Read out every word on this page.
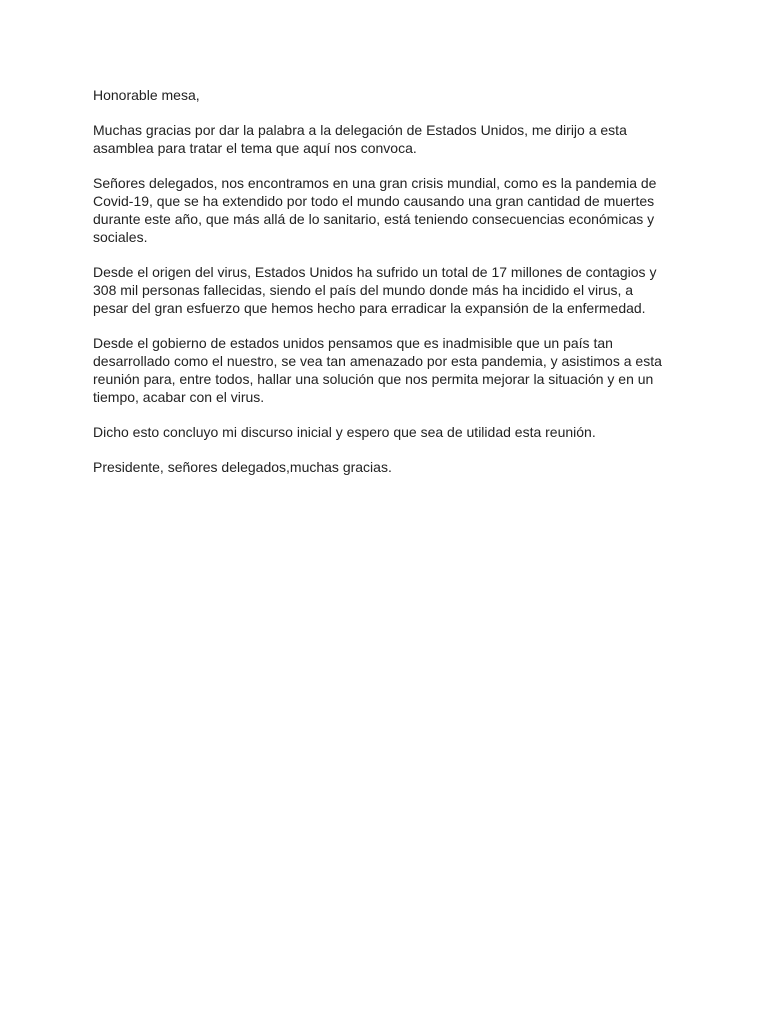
Honorable mesa,

Muchas gracias por dar la palabra a la delegación de Estados Unidos, me dirijo a esta
asamblea para tratar el tema que aquí nos convoca.

Señores delegados, nos encontramos en una gran crisis mundial, como es la pandemia de
Covid-19, que se ha extendido por todo el mundo causando una gran cantidad de muertes
durante este año, que más allá de lo sanitario, está teniendo consecuencias económicas y
sociales.

Desde el origen del virus, Estados Unidos ha sufrido un total de 17 millones de contagios y
308 mil personas fallecidas, siendo el país del mundo donde más ha incidido el virus, a
pesar del gran esfuerzo que hemos hecho para erradicar la expansión de la enfermedad.

Desde el gobierno de estados unidos pensamos que es inadmisible que un país tan
desarrollado como el nuestro, se vea tan amenazado por esta pandemia, y asistimos a esta
reunión para, entre todos, hallar una solución que nos permita mejorar la situación y en un
tiempo, acabar con el virus.

Dicho esto concluyo mi discurso inicial y espero que sea de utilidad esta reunión.

Presidente, señores delegados,muchas gracias.
